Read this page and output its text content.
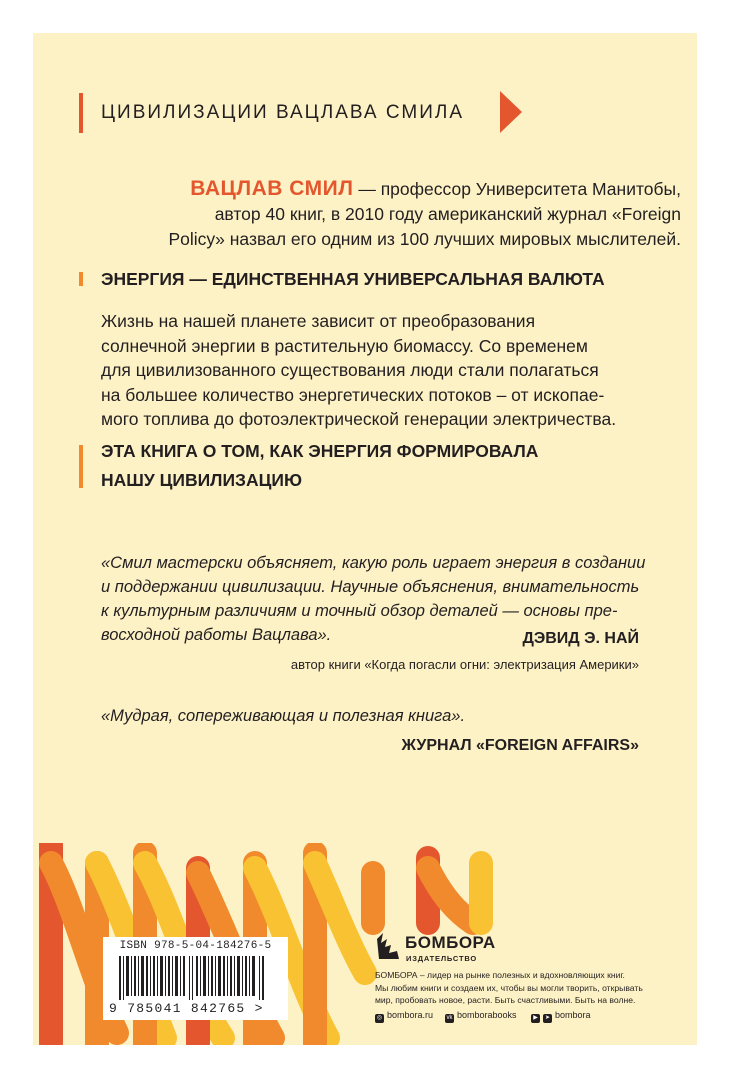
ЦИВИЛИЗАЦИИ ВАЦЛАВА СМИЛА
ВАЦЛАВ СМИЛ — профессор Университета Манитобы,
автор 40 книг, в 2010 году американский журнал «Foreign
Policy» назвал его одним из 100 лучших мировых мыслителей.
ЭНЕРГИЯ — ЕДИНСТВЕННАЯ УНИВЕРСАЛЬНАЯ ВАЛЮТА
Жизнь на нашей планете зависит от преобразования
солнечной энергии в растительную биомассу. Со временем
для цивилизованного существования люди стали полагаться
на большее количество энергетических потоков – от ископае-
мого топлива до фотоэлектрической генерации электричества.
ЭТА КНИГА О ТОМ, КАК ЭНЕРГИЯ ФОРМИРОВАЛА
НАШУ ЦИВИЛИЗАЦИЮ
«Смил мастерски объясняет, какую роль играет энергия в создании
и поддержании цивилизации. Научные объяснения, внимательность
к культурным различиям и точный обзор деталей — основы пре-
восходной работы Вацлава».	ДЭВИД Э. НАЙ
автор книги «Когда погасли огни: электризация Америки»
«Мудрая, сопереживающая и полезная книга».
ЖУРНАЛ «FOREIGN AFFAIRS»
ISBN 978-5-04-184276-5
9 785041 842765 >
БОМБОРА
ИЗДАТЕЛЬСТВО
БОМБОРА – лидер на рынке полезных и вдохновляющих книг.
Мы любим книги и создаем их, чтобы вы могли творить, открывать
мир, пробовать новое, расти. Быть счастливыми. Быть на волне.
◎ bombora.ru vk bomborabooks	▶ ➤ bombora
